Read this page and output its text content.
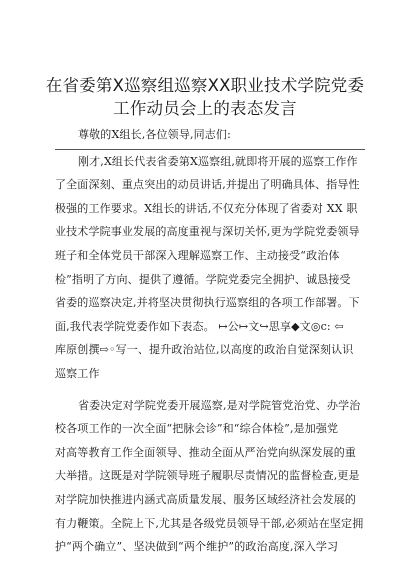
在省委第Ⅹ巡察组巡察XX职业技术学院党委
工作动员会上的表态发言
尊敬的Ⅹ组长,各位领导,同志们:
刚才,Ⅹ组长代表省委第Ⅹ巡察组,就即将开展的巡察工作作
了全面深刻、重点突出的动员讲话,并提出了明确具体、指导性
极强的工作要求。Ⅹ组长的讲话,不仅充分体现了省委对 XX 职
业技术学院事业发展的高度重视与深切关怀,更为学院党委领导
班子和全体党员干部深入理解巡察工作、主动接受“政治体
检”指明了方向、提供了遵循。学院党委完全拥护、诚恳接受
省委的巡察决定,并将坚决贯彻执行巡察组的各项工作部署。下
面,我代表学院党委作如下表态。 ↦公↦文↪思享◆文◎c: ⇦
库原创撰⇨◦写一、提升政治站位,以高度的政治自觉深刻认识
巡察工作
省委决定对学院党委开展巡察,是对学院管党治党、办学治
校各项工作的一次全面“把脉会诊”和“综合体检”,是加强党
对高等教育工作全面领导、推动全面从严治党向纵深发展的重
大举措。这既是对学院领导班子履职尽责情况的监督检查,更是
对学院加快推进内涵式高质量发展、服务区域经济社会发展的
有力鞭策。全院上下,尤其是各级党员领导干部,必须站在坚定拥
护“两个确立”、坚决做到“两个维护”的政治高度,深入学习
